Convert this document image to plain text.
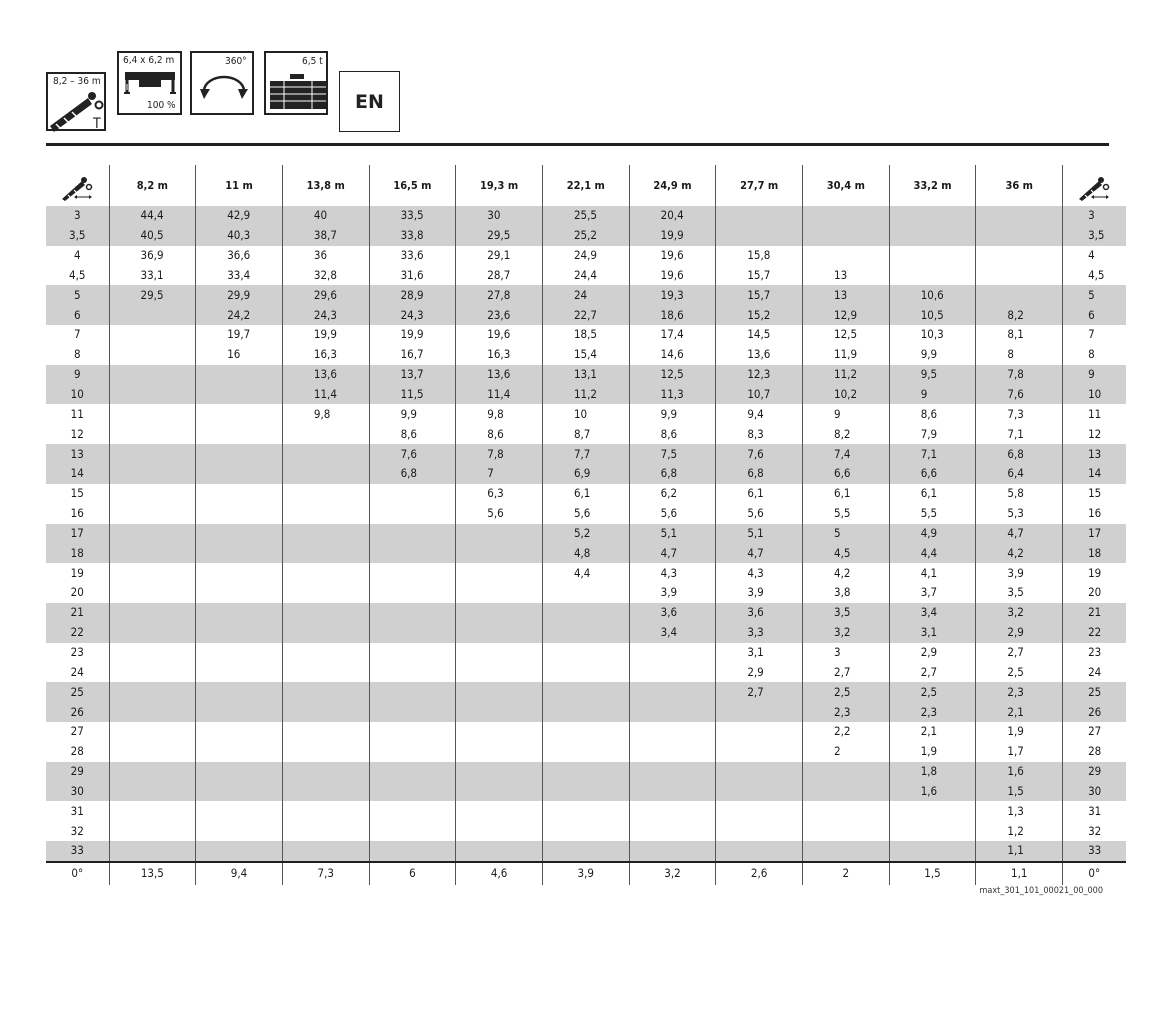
8,2 – 36 m
T
6,4 x 6,2 m
100 %
360°	6,5 t
EN
	8,2 m	11 m	13,8 m	16,5 m	19,3 m	22,1 m	24,9 m	27,7 m	30,4 m	33,2 m	36 m	

3	44,4	42,9	40	33,5	30	25,5	20,4					3
3,5	40,5	40,3	38,7	33,8	29,5	25,2	19,9					3,5
4	36,9	36,6	36	33,6	29,1	24,9	19,6	15,8				4
4,5	33,1	33,4	32,8	31,6	28,7	24,4	19,6	15,7	13			4,5
5	29,5	29,9	29,6	28,9	27,8	24	19,3	15,7	13	10,6		5
6		24,2	24,3	24,3	23,6	22,7	18,6	15,2	12,9	10,5	8,2	6
7		19,7	19,9	19,9	19,6	18,5	17,4	14,5	12,5	10,3	8,1	7
8		16	16,3	16,7	16,3	15,4	14,6	13,6	11,9	9,9	8	8
9			13,6	13,7	13,6	13,1	12,5	12,3	11,2	9,5	7,8	9
10			11,4	11,5	11,4	11,2	11,3	10,7	10,2	9	7,6	10
11			9,8	9,9	9,8	10	9,9	9,4	9	8,6	7,3	11
12				8,6	8,6	8,7	8,6	8,3	8,2	7,9	7,1	12
13				7,6	7,8	7,7	7,5	7,6	7,4	7,1	6,8	13
14				6,8	7	6,9	6,8	6,8	6,6	6,6	6,4	14
15					6,3	6,1	6,2	6,1	6,1	6,1	5,8	15
16					5,6	5,6	5,6	5,6	5,5	5,5	5,3	16
17						5,2	5,1	5,1	5	4,9	4,7	17
18						4,8	4,7	4,7	4,5	4,4	4,2	18
19						4,4	4,3	4,3	4,2	4,1	3,9	19
20							3,9	3,9	3,8	3,7	3,5	20
21							3,6	3,6	3,5	3,4	3,2	21
22							3,4	3,3	3,2	3,1	2,9	22
23								3,1	3	2,9	2,7	23
24								2,9	2,7	2,7	2,5	24
25								2,7	2,5	2,5	2,3	25
26									2,3	2,3	2,1	26
27									2,2	2,1	1,9	27
28									2	1,9	1,7	28
29										1,8	1,6	29
30										1,6	1,5	30
31											1,3	31
32											1,2	32
33											1,1	33
0°	13,5	9,4	7,3	6	4,6	3,9	3,2	2,6	2	1,5	1,1	0°
maxt_301_101_00021_00_000
